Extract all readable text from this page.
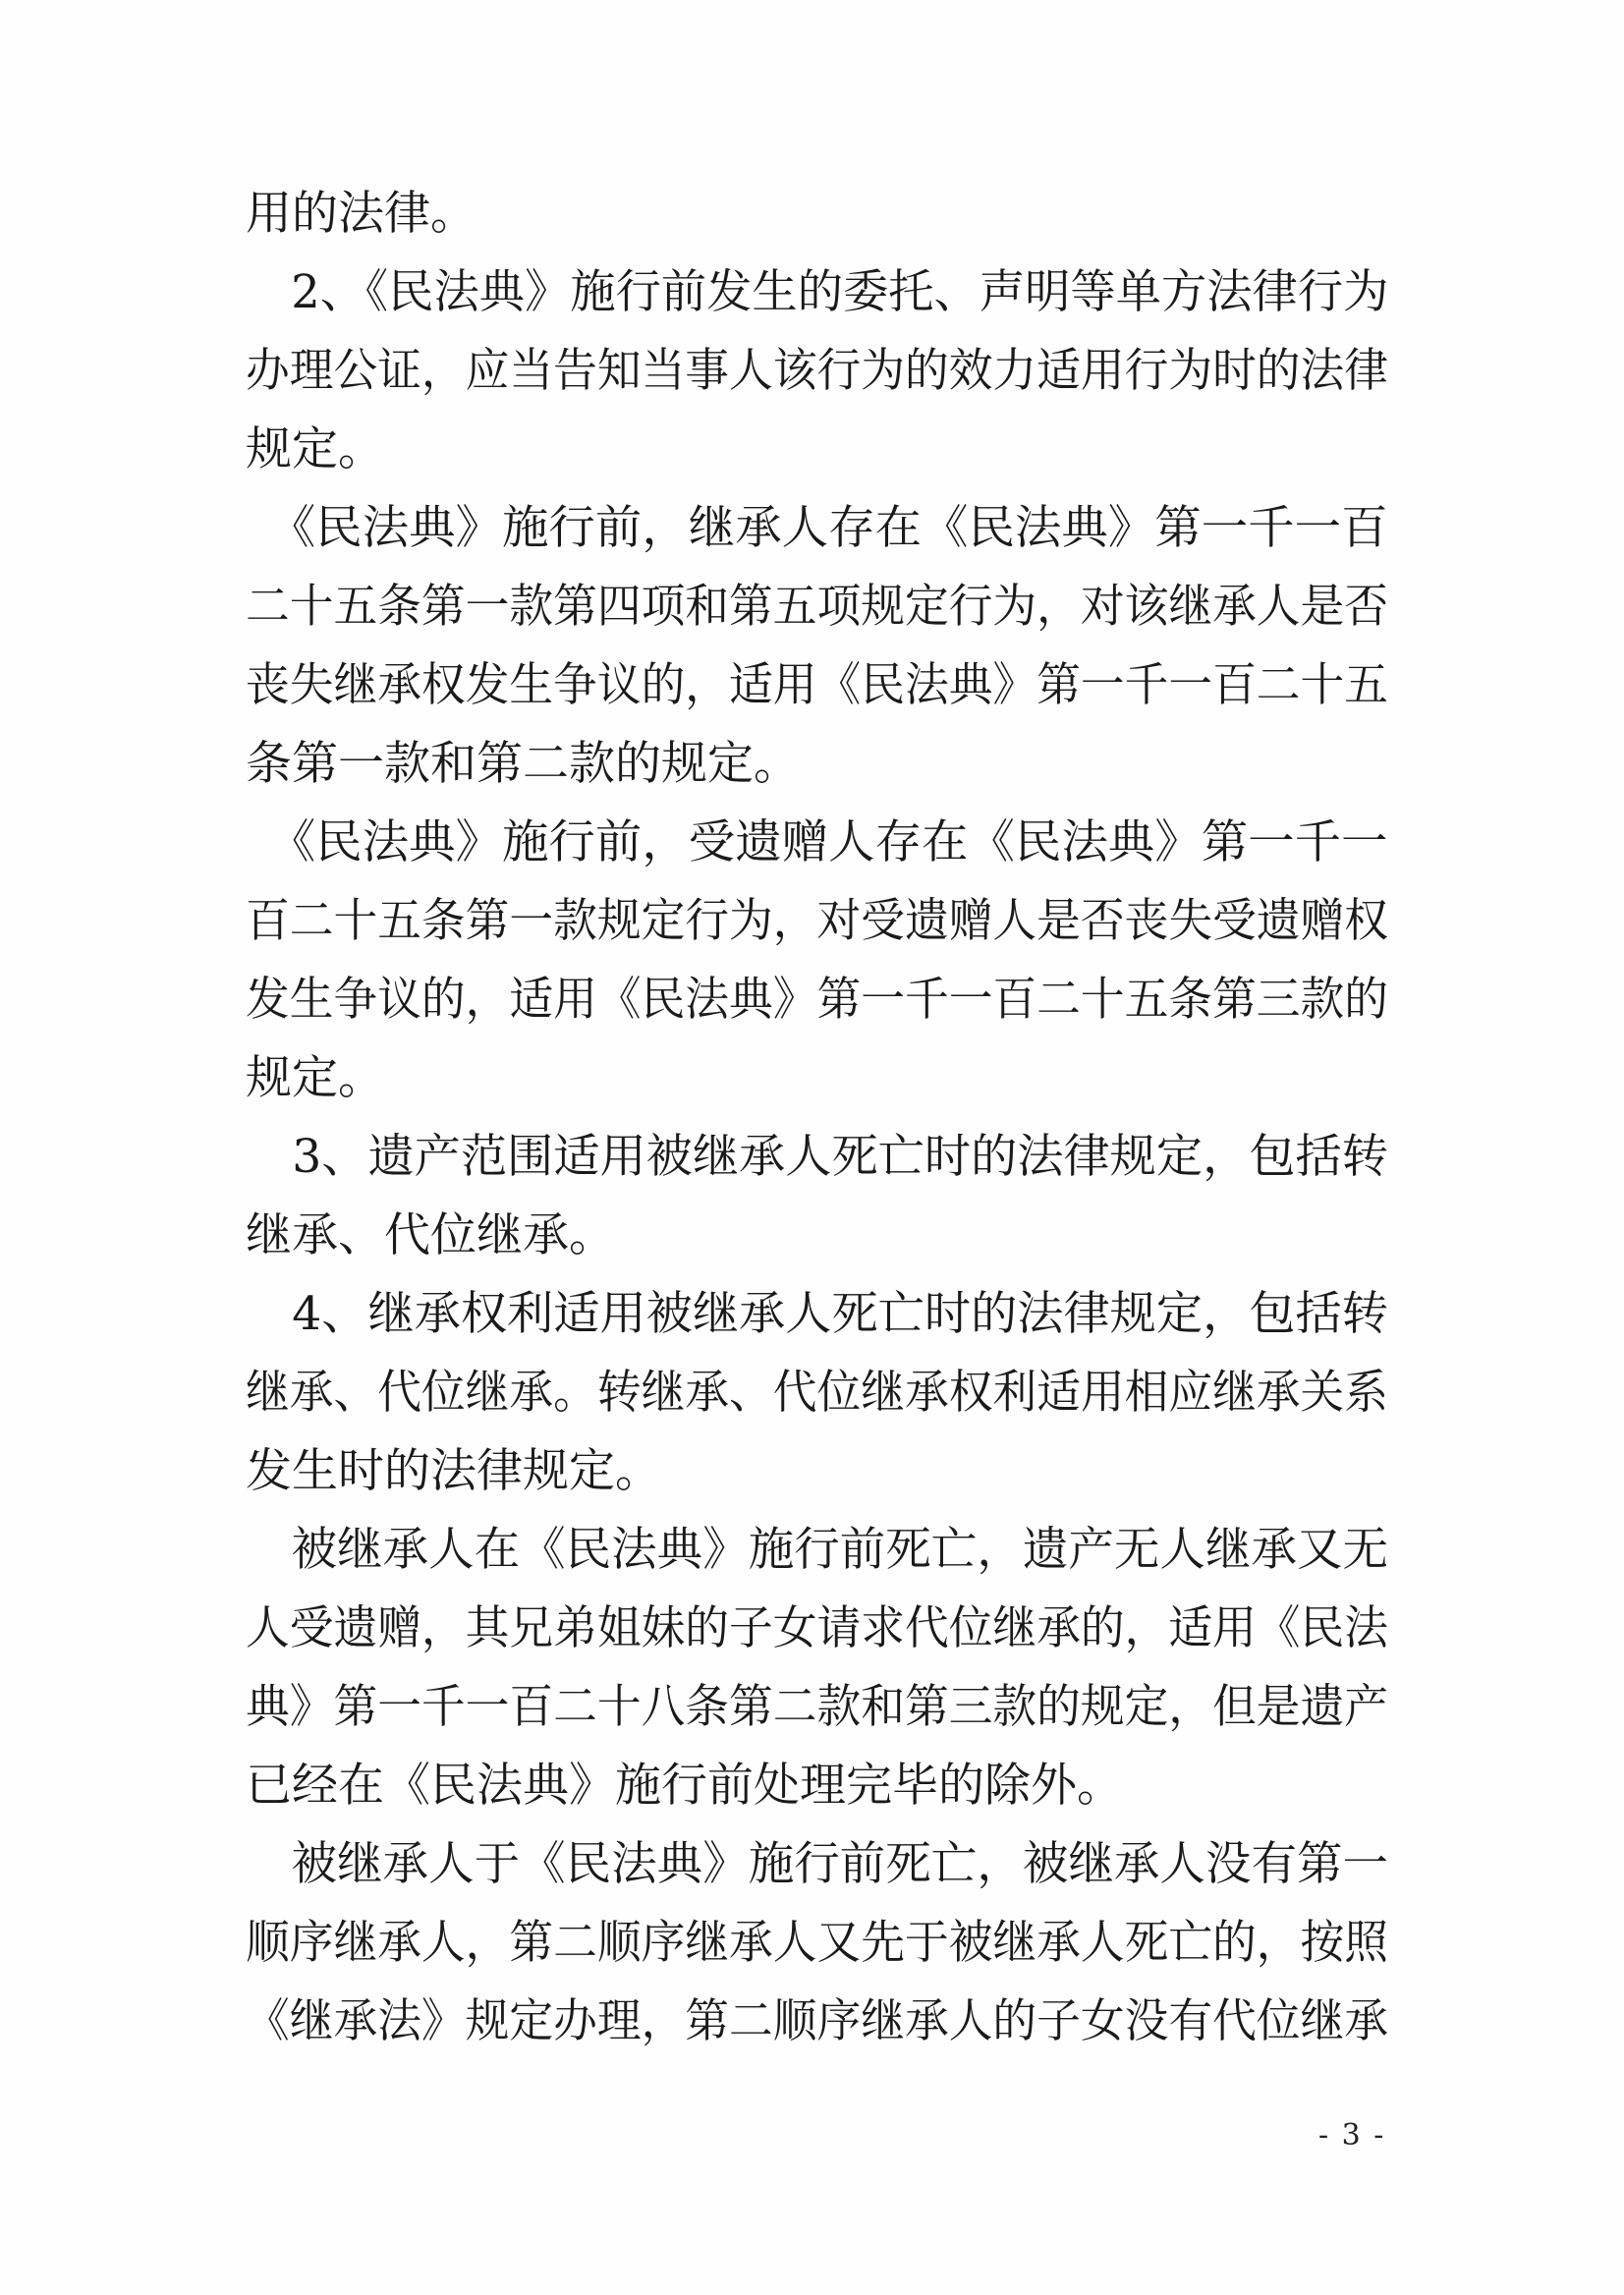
用的法律。
　2、《民法典》施行前发生的委托、声明等单方法律行为
办理公证，应当告知当事人该行为的效力适用行为时的法律
规定。
　《民法典》施行前，继承人存在《民法典》第一千一百
二十五条第一款第四项和第五项规定行为，对该继承人是否
丧失继承权发生争议的，适用《民法典》第一千一百二十五
条第一款和第二款的规定。
　《民法典》施行前，受遗赠人存在《民法典》第一千一
百二十五条第一款规定行为，对受遗赠人是否丧失受遗赠权
发生争议的，适用《民法典》第一千一百二十五条第三款的
规定。
　3、遗产范围适用被继承人死亡时的法律规定，包括转
继承、代位继承。
　4、继承权利适用被继承人死亡时的法律规定，包括转
继承、代位继承。转继承、代位继承权利适用相应继承关系
发生时的法律规定。
　被继承人在《民法典》施行前死亡，遗产无人继承又无
人受遗赠，其兄弟姐妹的子女请求代位继承的，适用《民法
典》第一千一百二十八条第二款和第三款的规定，但是遗产
已经在《民法典》施行前处理完毕的除外。
　被继承人于《民法典》施行前死亡，被继承人没有第一
顺序继承人，第二顺序继承人又先于被继承人死亡的，按照
《继承法》规定办理，第二顺序继承人的子女没有代位继承
- 3 -
